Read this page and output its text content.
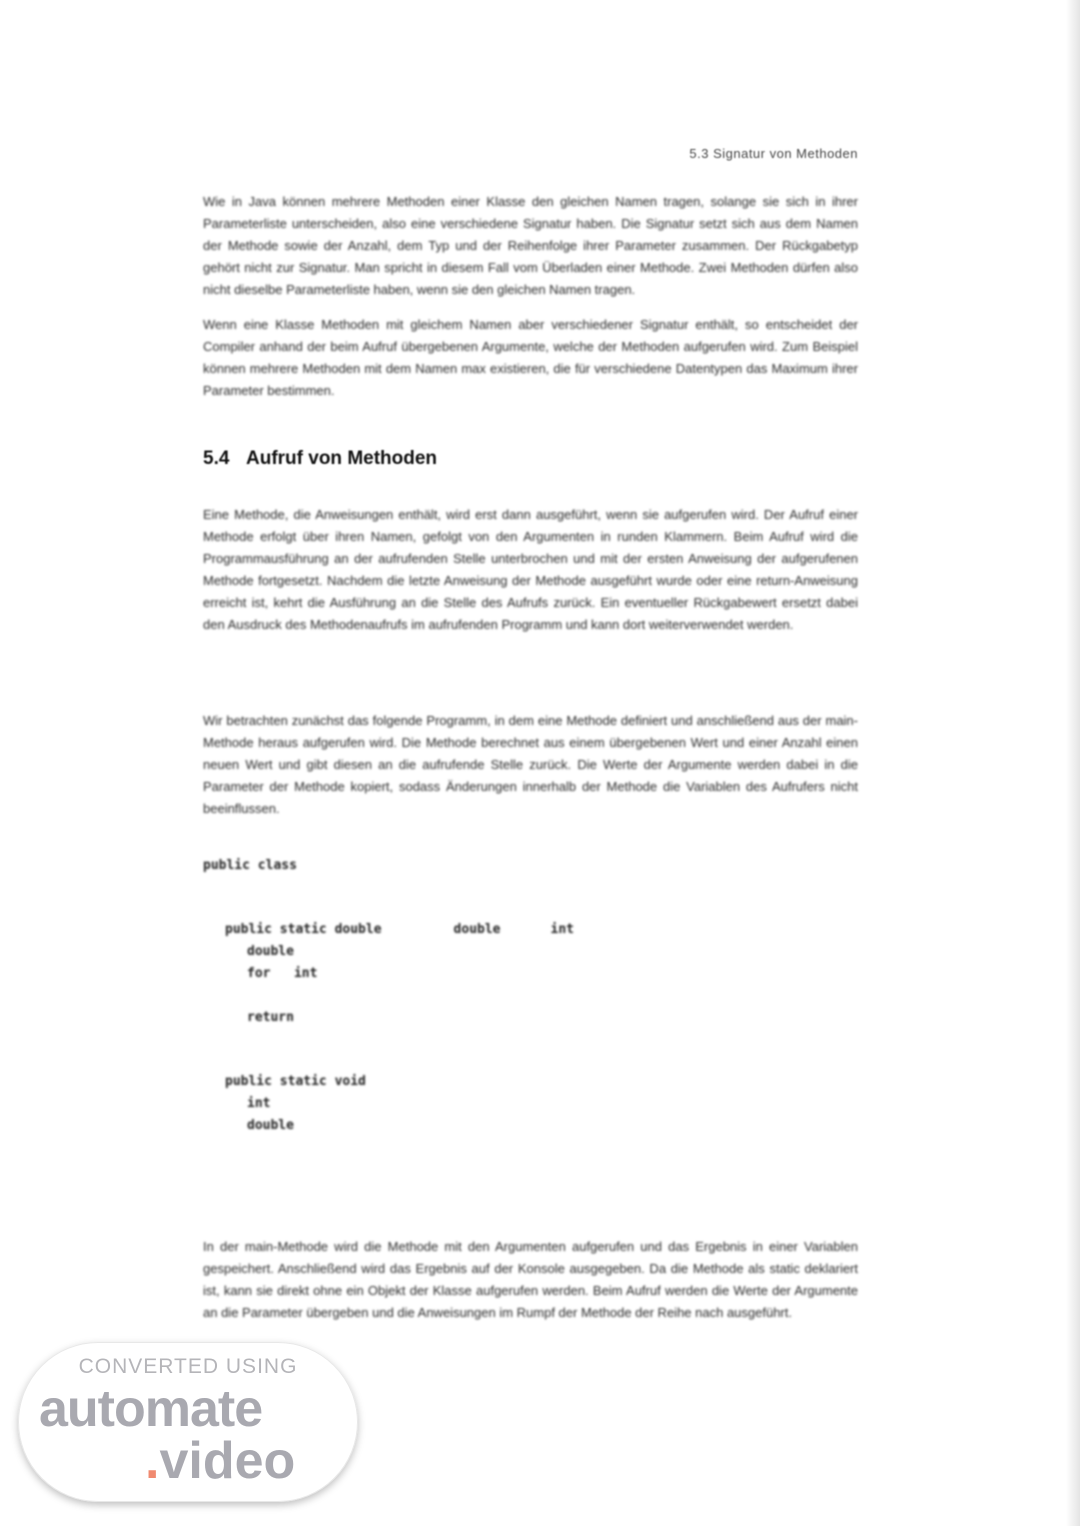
5.3 Signatur von Methoden

Wie in Java können mehrere Methoden einer Klasse den gleichen Namen tragen, solange sie sich in ihrer Parameterliste unterscheiden, also eine verschiedene Signatur haben. Die Signatur setzt sich aus dem Namen der Methode sowie der Anzahl, dem Typ und der Reihenfolge ihrer Parameter zusammen. Der Rückgabetyp gehört nicht zur Signatur. Man spricht in diesem Fall vom Überladen einer Methode. Zwei Methoden dürfen also nicht dieselbe Parameterliste haben, wenn sie den gleichen Namen tragen.

Wenn eine Klasse Methoden mit gleichem Namen aber verschiedener Signatur enthält, so entscheidet der Compiler anhand der beim Aufruf übergebenen Argumente, welche der Methoden aufgerufen wird. Zum Beispiel können mehrere Methoden mit dem Namen max existieren, die für verschiedene Datentypen das Maximum ihrer Parameter bestimmen.

5.4 Aufruf von Methoden

Eine Methode, die Anweisungen enthält, wird erst dann ausgeführt, wenn sie aufgerufen wird. Der Aufruf einer Methode erfolgt über ihren Namen, gefolgt von den Argumenten in runden Klammern. Beim Aufruf wird die Programmausführung an der aufrufenden Stelle unterbrochen und mit der ersten Anweisung der aufgerufenen Methode fortgesetzt. Nachdem die letzte Anweisung der Methode ausgeführt wurde oder eine return-Anweisung erreicht ist, kehrt die Ausführung an die Stelle des Aufrufs zurück. Ein eventueller Rückgabewert ersetzt dabei den Ausdruck des Methodenaufrufs im aufrufenden Programm und kann dort weiterverwendet werden.

Wir betrachten zunächst das folgende Programm, in dem eine Methode definiert und anschließend aus der main-Methode heraus aufgerufen wird. Die Methode berechnet aus einem übergebenen Wert und einer Anzahl einen neuen Wert und gibt diesen an die aufrufende Stelle zurück. Die Werte der Argumente werden dabei in die Parameter der Methode kopiert, sodass Änderungen innerhalb der Methode die Variablen des Aufrufers nicht beeinflussen.

public class
public static double	double	int
double
for   int
return
public static void
int
double

In der main-Methode wird die Methode mit den Argumenten aufgerufen und das Ergebnis in einer Variablen gespeichert. Anschließend wird das Ergebnis auf der Konsole ausgegeben. Da die Methode als static deklariert ist, kann sie direkt ohne ein Objekt der Klasse aufgerufen werden. Beim Aufruf werden die Werte der Argumente an die Parameter übergeben und die Anweisungen im Rumpf der Methode der Reihe nach ausgeführt.

CONVERTED USING
automate
.video
